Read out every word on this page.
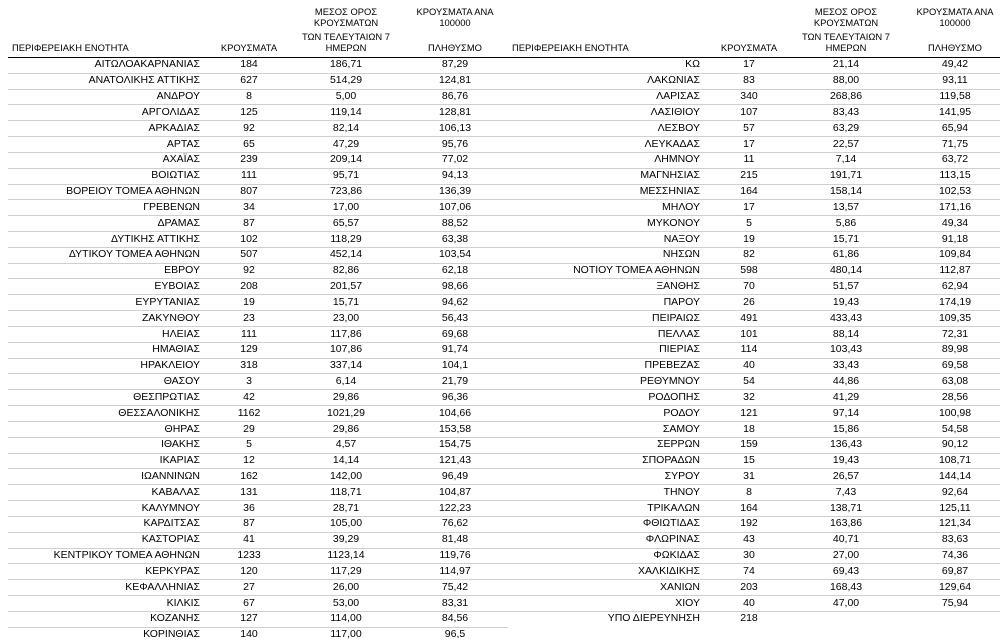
		ΜΕΣΟΣ ΟΡΟΣ ΚΡΟΥΣΜΑΤΩΝ	ΚΡΟΥΣΜΑΤΑ ΑΝΑ 100000
ΠΕΡΙΦΕΡΕΙΑΚΗ ΕΝΟΤΗΤΑ	ΚΡΟΥΣΜΑΤΑ	ΤΩΝ ΤΕΛΕΥΤΑΙΩΝ 7 ΗΜΕΡΩΝ	ΠΛΗΘΥΣΜΟ
ΑΙΤΩΛΟΑΚΑΡΝΑΝΙΑΣ	184	186,71	87,29
ΑΝΑΤΟΛΙΚΗΣ ΑΤΤΙΚΗΣ	627	514,29	124,81
ΑΝΔΡΟΥ	8	5,00	86,76
ΑΡΓΟΛΙΔΑΣ	125	119,14	128,81
ΑΡΚΑΔΙΑΣ	92	82,14	106,13
ΑΡΤΑΣ	65	47,29	95,76
ΑΧΑΪΑΣ	239	209,14	77,02
ΒΟΙΩΤΙΑΣ	111	95,71	94,13
ΒΟΡΕΙΟΥ ΤΟΜΕΑ ΑΘΗΝΩΝ	807	723,86	136,39
ΓΡΕΒΕΝΩΝ	34	17,00	107,06
ΔΡΑΜΑΣ	87	65,57	88,52
ΔΥΤΙΚΗΣ ΑΤΤΙΚΗΣ	102	118,29	63,38
ΔΥΤΙΚΟΥ ΤΟΜΕΑ ΑΘΗΝΩΝ	507	452,14	103,54
ΕΒΡΟΥ	92	82,86	62,18
ΕΥΒΟΙΑΣ	208	201,57	98,66
ΕΥΡΥΤΑΝΙΑΣ	19	15,71	94,62
ΖΑΚΥΝΘΟΥ	23	23,00	56,43
ΗΛΕΙΑΣ	111	117,86	69,68
ΗΜΑΘΙΑΣ	129	107,86	91,74
ΗΡΑΚΛΕΙΟΥ	318	337,14	104,1
ΘΑΣΟΥ	3	6,14	21,79
ΘΕΣΠΡΩΤΙΑΣ	42	29,86	96,36
ΘΕΣΣΑΛΟΝΙΚΗΣ	1162	1021,29	104,66
ΘΗΡΑΣ	29	29,86	153,58
ΙΘΑΚΗΣ	5	4,57	154,75
ΙΚΑΡΙΑΣ	12	14,14	121,43
ΙΩΑΝΝΙΝΩΝ	162	142,00	96,49
ΚΑΒΑΛΑΣ	131	118,71	104,87
ΚΑΛΥΜΝΟΥ	36	28,71	122,23
ΚΑΡΔΙΤΣΑΣ	87	105,00	76,62
ΚΑΣΤΟΡΙΑΣ	41	39,29	81,48
ΚΕΝΤΡΙΚΟΥ ΤΟΜΕΑ ΑΘΗΝΩΝ	1233	1123,14	119,76
ΚΕΡΚΥΡΑΣ	120	117,29	114,97
ΚΕΦΑΛΛΗΝΙΑΣ	27	26,00	75,42
ΚΙΛΚΙΣ	67	53,00	83,31
ΚΟΖΑΝΗΣ	127	114,00	84,56
ΚΟΡΙΝΘΙΑΣ	140	117,00	96,5
		ΜΕΣΟΣ ΟΡΟΣ ΚΡΟΥΣΜΑΤΩΝ	ΚΡΟΥΣΜΑΤΑ ΑΝΑ 100000
ΠΕΡΙΦΕΡΕΙΑΚΗ ΕΝΟΤΗΤΑ	ΚΡΟΥΣΜΑΤΑ	ΤΩΝ ΤΕΛΕΥΤΑΙΩΝ 7 ΗΜΕΡΩΝ	ΠΛΗΘΥΣΜΟ
ΚΩ	17	21,14	49,42
ΛΑΚΩΝΙΑΣ	83	88,00	93,11
ΛΑΡΙΣΑΣ	340	268,86	119,58
ΛΑΣΙΘΙΟΥ	107	83,43	141,95
ΛΕΣΒΟΥ	57	63,29	65,94
ΛΕΥΚΑΔΑΣ	17	22,57	71,75
ΛΗΜΝΟΥ	11	7,14	63,72
ΜΑΓΝΗΣΙΑΣ	215	191,71	113,15
ΜΕΣΣΗΝΙΑΣ	164	158,14	102,53
ΜΗΛΟΥ	17	13,57	171,16
ΜΥΚΟΝΟΥ	5	5,86	49,34
ΝΑΞΟΥ	19	15,71	91,18
ΝΗΣΩΝ	82	61,86	109,84
ΝΟΤΙΟΥ ΤΟΜΕΑ ΑΘΗΝΩΝ	598	480,14	112,87
ΞΑΝΘΗΣ	70	51,57	62,94
ΠΑΡΟΥ	26	19,43	174,19
ΠΕΙΡΑΙΩΣ	491	433,43	109,35
ΠΕΛΛΑΣ	101	88,14	72,31
ΠΙΕΡΙΑΣ	114	103,43	89,98
ΠΡΕΒΕΖΑΣ	40	33,43	69,58
ΡΕΘΥΜΝΟΥ	54	44,86	63,08
ΡΟΔΟΠΗΣ	32	41,29	28,56
ΡΟΔΟΥ	121	97,14	100,98
ΣΑΜΟΥ	18	15,86	54,58
ΣΕΡΡΩΝ	159	136,43	90,12
ΣΠΟΡΑΔΩΝ	15	19,43	108,71
ΣΥΡΟΥ	31	26,57	144,14
ΤΗΝΟΥ	8	7,43	92,64
ΤΡΙΚΑΛΩΝ	164	138,71	125,11
ΦΘΙΩΤΙΔΑΣ	192	163,86	121,34
ΦΛΩΡΙΝΑΣ	43	40,71	83,63
ΦΩΚΙΔΑΣ	30	27,00	74,36
ΧΑΛΚΙΔΙΚΗΣ	74	69,43	69,87
ΧΑΝΙΩΝ	203	168,43	129,64
ΧΙΟΥ	40	47,00	75,94
ΥΠΟ ΔΙΕΡΕΥΝΗΣΗ	218		
